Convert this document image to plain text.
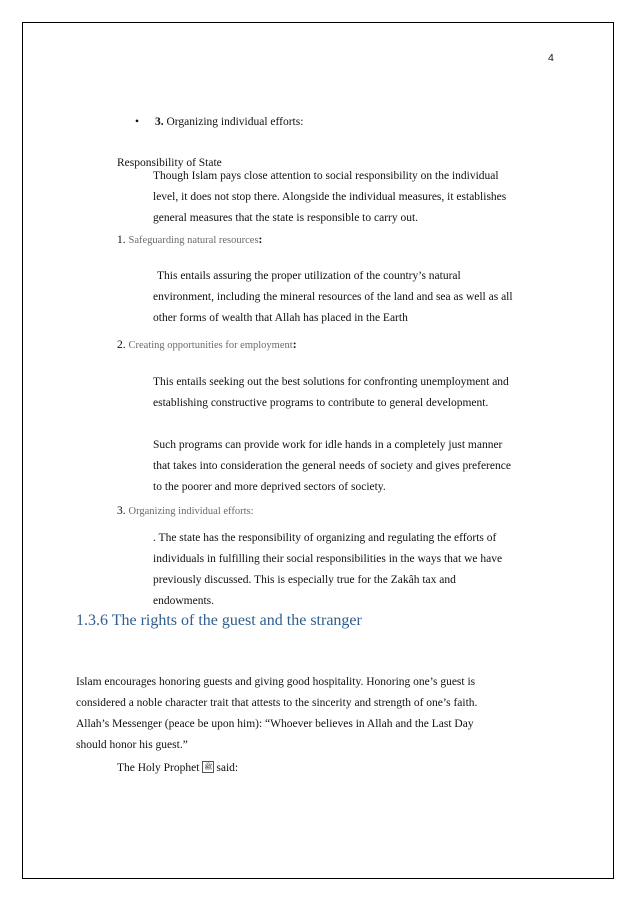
4
• 3. Organizing individual efforts:
Responsibility of State
Though Islam pays close attention to social responsibility on the individual
level, it does not stop there. Alongside the individual measures, it establishes
general measures that the state is responsible to carry out.
1. Safeguarding natural resources:
This entails assuring the proper utilization of the country’s natural
environment, including the mineral resources of the land and sea as well as all
other forms of wealth that Allah has placed in the Earth
2. Creating opportunities for employment:
This entails seeking out the best solutions for confronting unemployment and
establishing constructive programs to contribute to general development.
Such programs can provide work for idle hands in a completely just manner
that takes into consideration the general needs of society and gives preference
to the poorer and more deprived sectors of society.
3. Organizing individual efforts:
. The state has the responsibility of organizing and regulating the efforts of
individuals in fulfilling their social responsibilities in the ways that we have
previously discussed. This is especially true for the Zakâh tax and
endowments.
1.3.6 The rights of the guest and the stranger
Islam encourages honoring guests and giving good hospitality. Honoring one’s guest is
considered a noble character trait that attests to the sincerity and strength of one’s faith.
Allah’s Messenger (peace be upon him): “Whoever believes in Allah and the Last Day
should honor his guest.”
The Holy Prophet ﷺ said:
